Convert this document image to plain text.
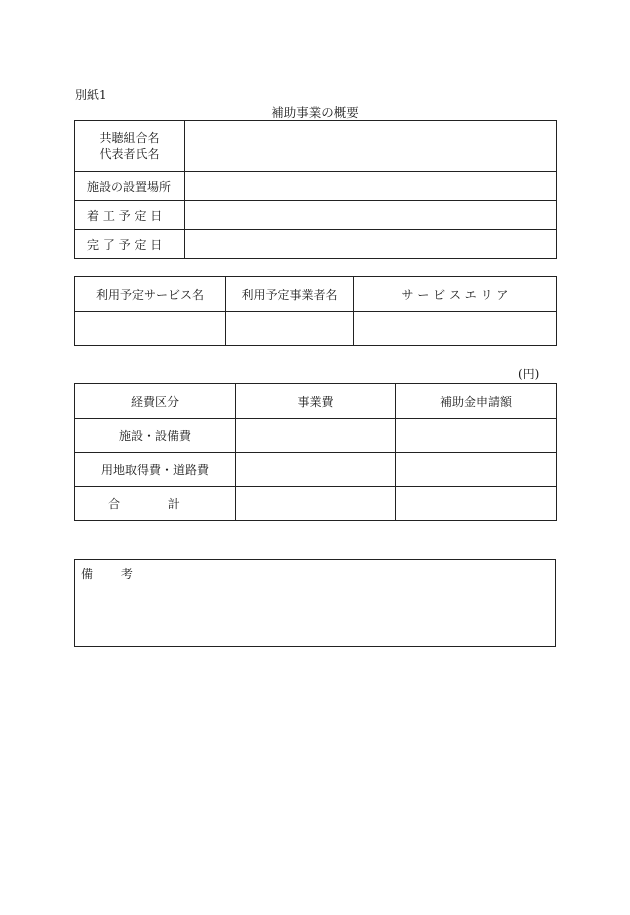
別紙1
補助事業の概要
共聴組合名
代表者氏名	

施設の設置場所	
着 工 予 定 日	
完 了 予 定 日	
利用予定サービス名	利用予定事業者名	サ ー ビ ス エ リ ア

(円)
経費区分	事業費	補助金申請額
施設・設備費		
用地取得費・道路費		
合 計		
備 考
